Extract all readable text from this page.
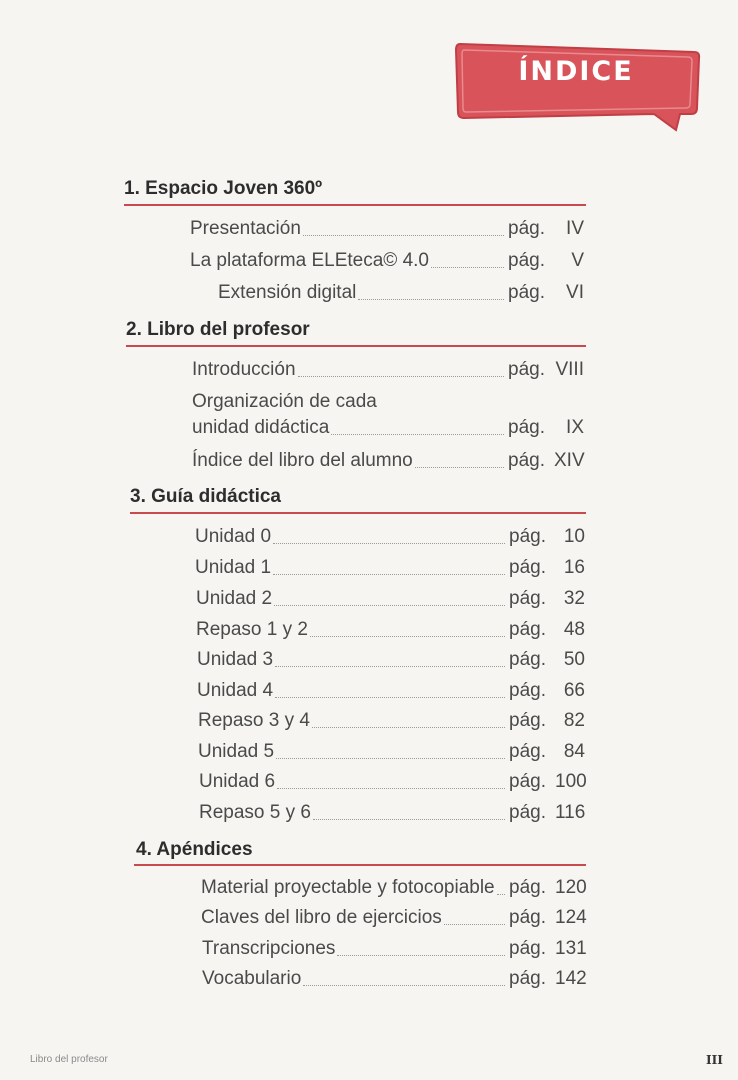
ÍNDICE
1. Espacio Joven 360º
Presentación	pág.	IV
La plataforma ELEteca© 4.0	pág.	V
Extensión digital	pág.	VI
2. Libro del profesor
Introducción	pág. VIII
Organización de cada
unidad didáctica	pág.	IX
Índice del libro del alumno	pág. XIV
3. Guía didáctica
Unidad 0	pág. 10
Unidad 1	pág. 16
Unidad 2	pág. 32
Repaso 1 y 2	pág. 48
Unidad 3	pág. 50
Unidad 4	pág. 66
Repaso 3 y 4	pág. 82
Unidad 5	pág. 84
Unidad 6	pág. 100
Repaso 5 y 6	pág. 116
4. Apéndices
Material proyectable y fotocopiable pág. 120
Claves del libro de ejercicios	pág. 124
Transcripciones	pág. 131
Vocabulario	pág. 142
Libro del profesor	III
